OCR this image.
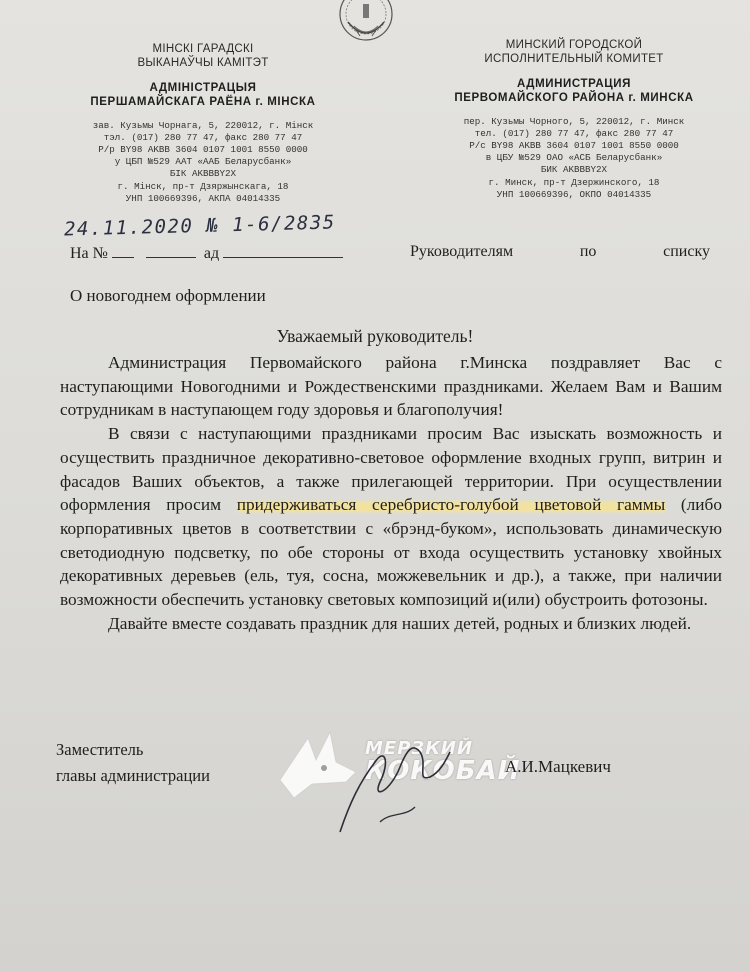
МІНСКІ ГАРАДСКІ
ВЫКАНАЎЧЫ КАМІТЭТ
АДМІНІСТРАЦЫЯ
ПЕРШАМАЙСКАГА РАЁНА г. МІНСКА
зав. Кузьмы Чорнага, 5, 220012, г. Мінск
тэл. (017) 280 77 47, факс 280 77 47
Р/р BY98 AKBB 3604 0107 1001 8550 0000
у ЦБП №529 ААТ «ААБ Беларусбанк»
БІК AKBBBY2X
г. Мінск, пр-т Дзяржынскага, 18
УНП 100669396, АКПА 04014335
МИНСКИЙ ГОРОДСКОЙ
ИСПОЛНИТЕЛЬНЫЙ КОМИТЕТ
АДМИНИСТРАЦИЯ
ПЕРВОМАЙСКОГО РАЙОНА г. МИНСКА
пер. Кузьмы Чорного, 5, 220012, г. Минск
тел. (017) 280 77 47, факс 280 77 47
Р/с BY98 AKBB 3604 0107 1001 8550 0000
в ЦБУ №529 ОАО «АСБ Беларусбанк»
БИК AKBBBY2X
г. Минск, пр-т Дзержинского, 18
УНП 100669396, ОКПО 04014335
24.11.2020 № 1-6/2835
На №	ад	Руководителям	по	списку
О новогоднем оформлении
Уважаемый руководитель!

Администрация Первомайского района г.Минска поздравляет Вас с наступающими Новогодними и Рождественскими праздниками. Желаем Вам и Вашим сотрудникам в наступающем году здоровья и благополучия!

В связи с наступающими праздниками просим Вас изыскать возможность и осуществить праздничное декоративно-световое оформление входных групп, витрин и фасадов Ваших объектов, а также прилегающей территории. При осуществлении оформления просим придерживаться серебристо-голубой цветовой гаммы (либо корпоративных цветов в соответствии с «брэнд-буком», использовать динамическую светодиодную подсветку, по обе стороны от входа осуществить установку хвойных декоративных деревьев (ель, туя, сосна, можжевельник и др.), а также, при наличии возможности обеспечить установку световых композиций и(или) обустроить фотозоны.

Давайте вместе создавать праздник для наших детей, родных и близких людей.

Заместитель
главы администрации
МЕРЗКИЙ
КОКОБАЙ
А.И.Мацкевич
